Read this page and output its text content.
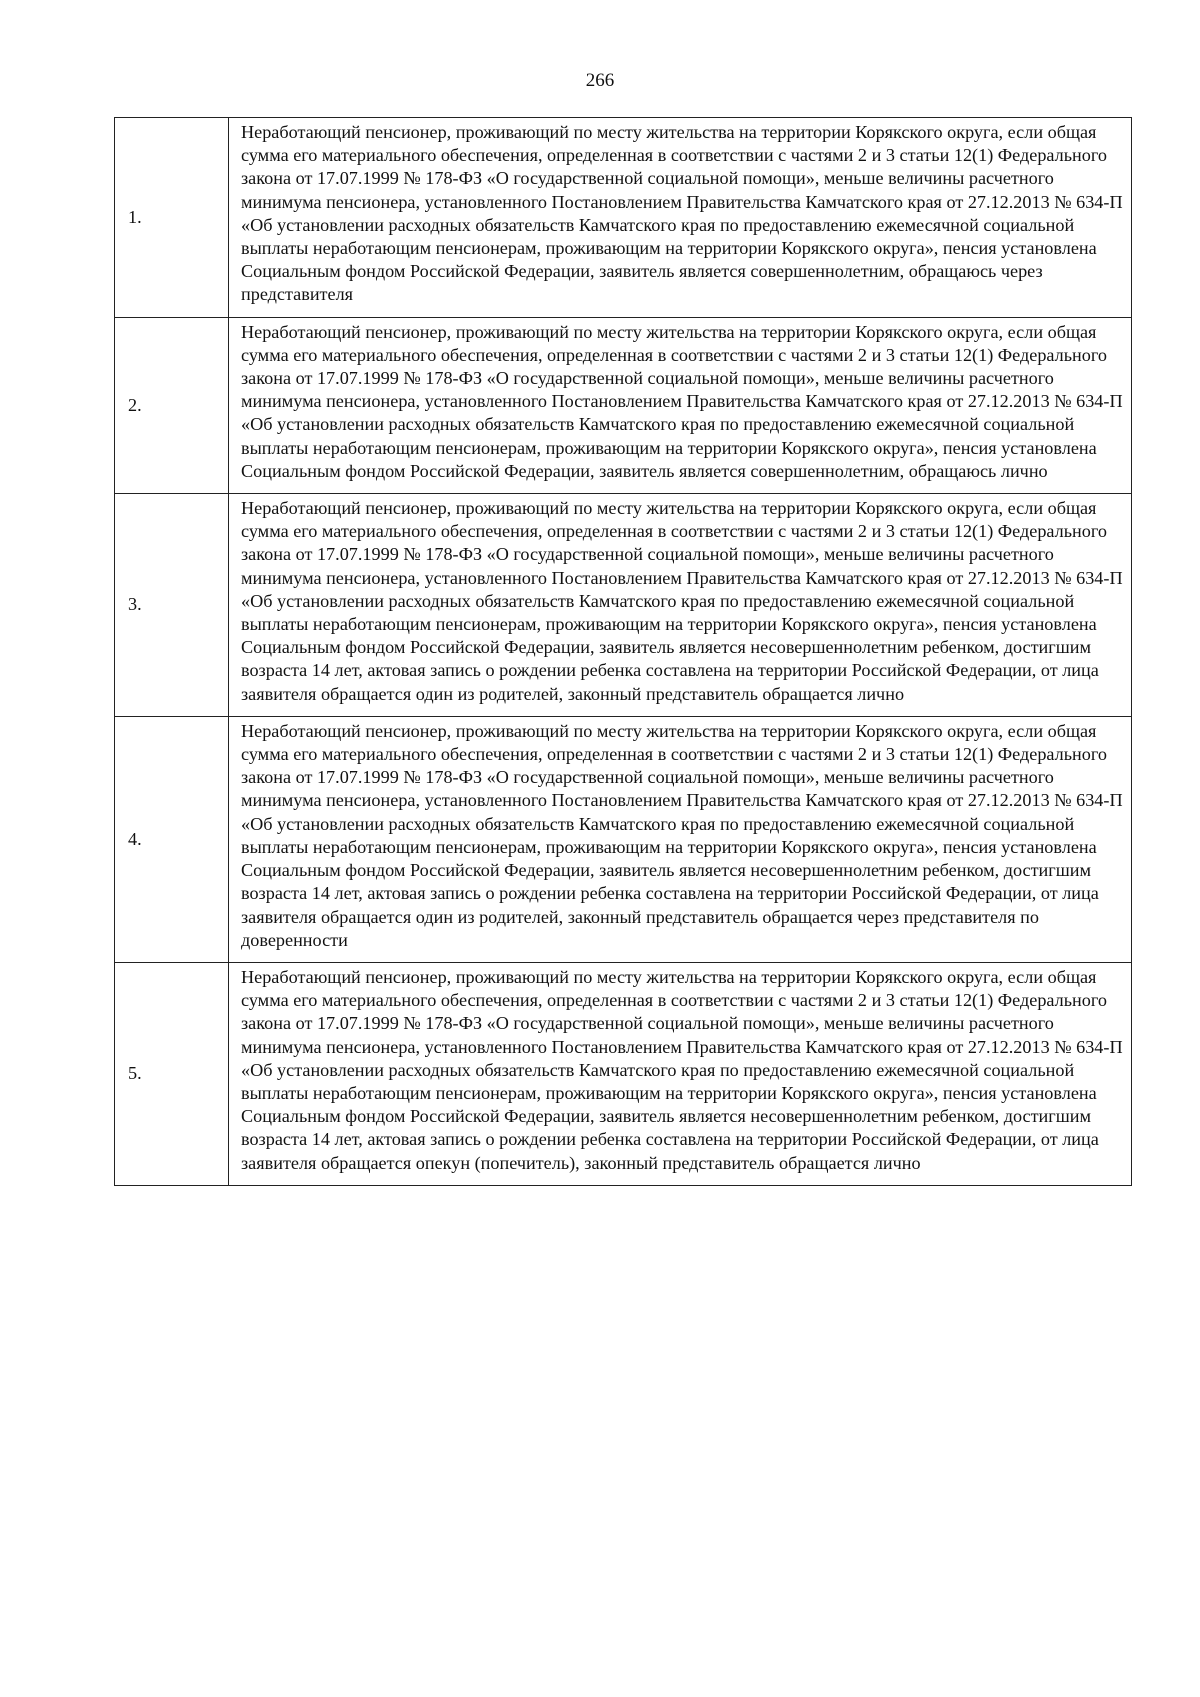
266
1.	Неработающий пенсионер, проживающий по месту жительства на территории Корякского округа, если общая сумма его материального обеспечения, определенная в соответствии с частями 2 и 3 статьи 12(1) Федерального закона от 17.07.1999 № 178-ФЗ «О государственной социальной помощи», меньше величины расчетного минимума пенсионера, установленного Постановлением Правительства Камчатского края от 27.12.2013 № 634-П «Об установлении расходных обязательств Камчатского края по предоставлению ежемесячной социальной выплаты неработающим пенсионерам, проживающим на территории Корякского округа», пенсия установлена Социальным фондом Российской Федерации, заявитель является совершеннолетним, обращаюсь через представителя
2.	Неработающий пенсионер, проживающий по месту жительства на территории Корякского округа, если общая сумма его материального обеспечения, определенная в соответствии с частями 2 и 3 статьи 12(1) Федерального закона от 17.07.1999 № 178-ФЗ «О государственной социальной помощи», меньше величины расчетного минимума пенсионера, установленного Постановлением Правительства Камчатского края от 27.12.2013 № 634-П «Об установлении расходных обязательств Камчатского края по предоставлению ежемесячной социальной выплаты неработающим пенсионерам, проживающим на территории Корякского округа», пенсия установлена Социальным фондом Российской Федерации, заявитель является совершеннолетним, обращаюсь лично
3.	Неработающий пенсионер, проживающий по месту жительства на территории Корякского округа, если общая сумма его материального обеспечения, определенная в соответствии с частями 2 и 3 статьи 12(1) Федерального закона от 17.07.1999 № 178-ФЗ «О государственной социальной помощи», меньше величины расчетного минимума пенсионера, установленного Постановлением Правительства Камчатского края от 27.12.2013 № 634-П «Об установлении расходных обязательств Камчатского края по предоставлению ежемесячной социальной выплаты неработающим пенсионерам, проживающим на территории Корякского округа», пенсия установлена Социальным фондом Российской Федерации, заявитель является несовершеннолетним ребенком, достигшим возраста 14 лет, актовая запись о рождении ребенка составлена на территории Российской Федерации, от лица заявителя обращается один из родителей, законный представитель обращается лично
4.	Неработающий пенсионер, проживающий по месту жительства на территории Корякского округа, если общая сумма его материального обеспечения, определенная в соответствии с частями 2 и 3 статьи 12(1) Федерального закона от 17.07.1999 № 178-ФЗ «О государственной социальной помощи», меньше величины расчетного минимума пенсионера, установленного Постановлением Правительства Камчатского края от 27.12.2013 № 634-П «Об установлении расходных обязательств Камчатского края по предоставлению ежемесячной социальной выплаты неработающим пенсионерам, проживающим на территории Корякского округа», пенсия установлена Социальным фондом Российской Федерации, заявитель является несовершеннолетним ребенком, достигшим возраста 14 лет, актовая запись о рождении ребенка составлена на территории Российской Федерации, от лица заявителя обращается один из родителей, законный представитель обращается через представителя по доверенности
5.	Неработающий пенсионер, проживающий по месту жительства на территории Корякского округа, если общая сумма его материального обеспечения, определенная в соответствии с частями 2 и 3 статьи 12(1) Федерального закона от 17.07.1999 № 178-ФЗ «О государственной социальной помощи», меньше величины расчетного минимума пенсионера, установленного Постановлением Правительства Камчатского края от 27.12.2013 № 634-П «Об установлении расходных обязательств Камчатского края по предоставлению ежемесячной социальной выплаты неработающим пенсионерам, проживающим на территории Корякского округа», пенсия установлена Социальным фондом Российской Федерации, заявитель является несовершеннолетним ребенком, достигшим возраста 14 лет, актовая запись о рождении ребенка составлена на территории Российской Федерации, от лица заявителя обращается опекун (попечитель), законный представитель обращается лично
